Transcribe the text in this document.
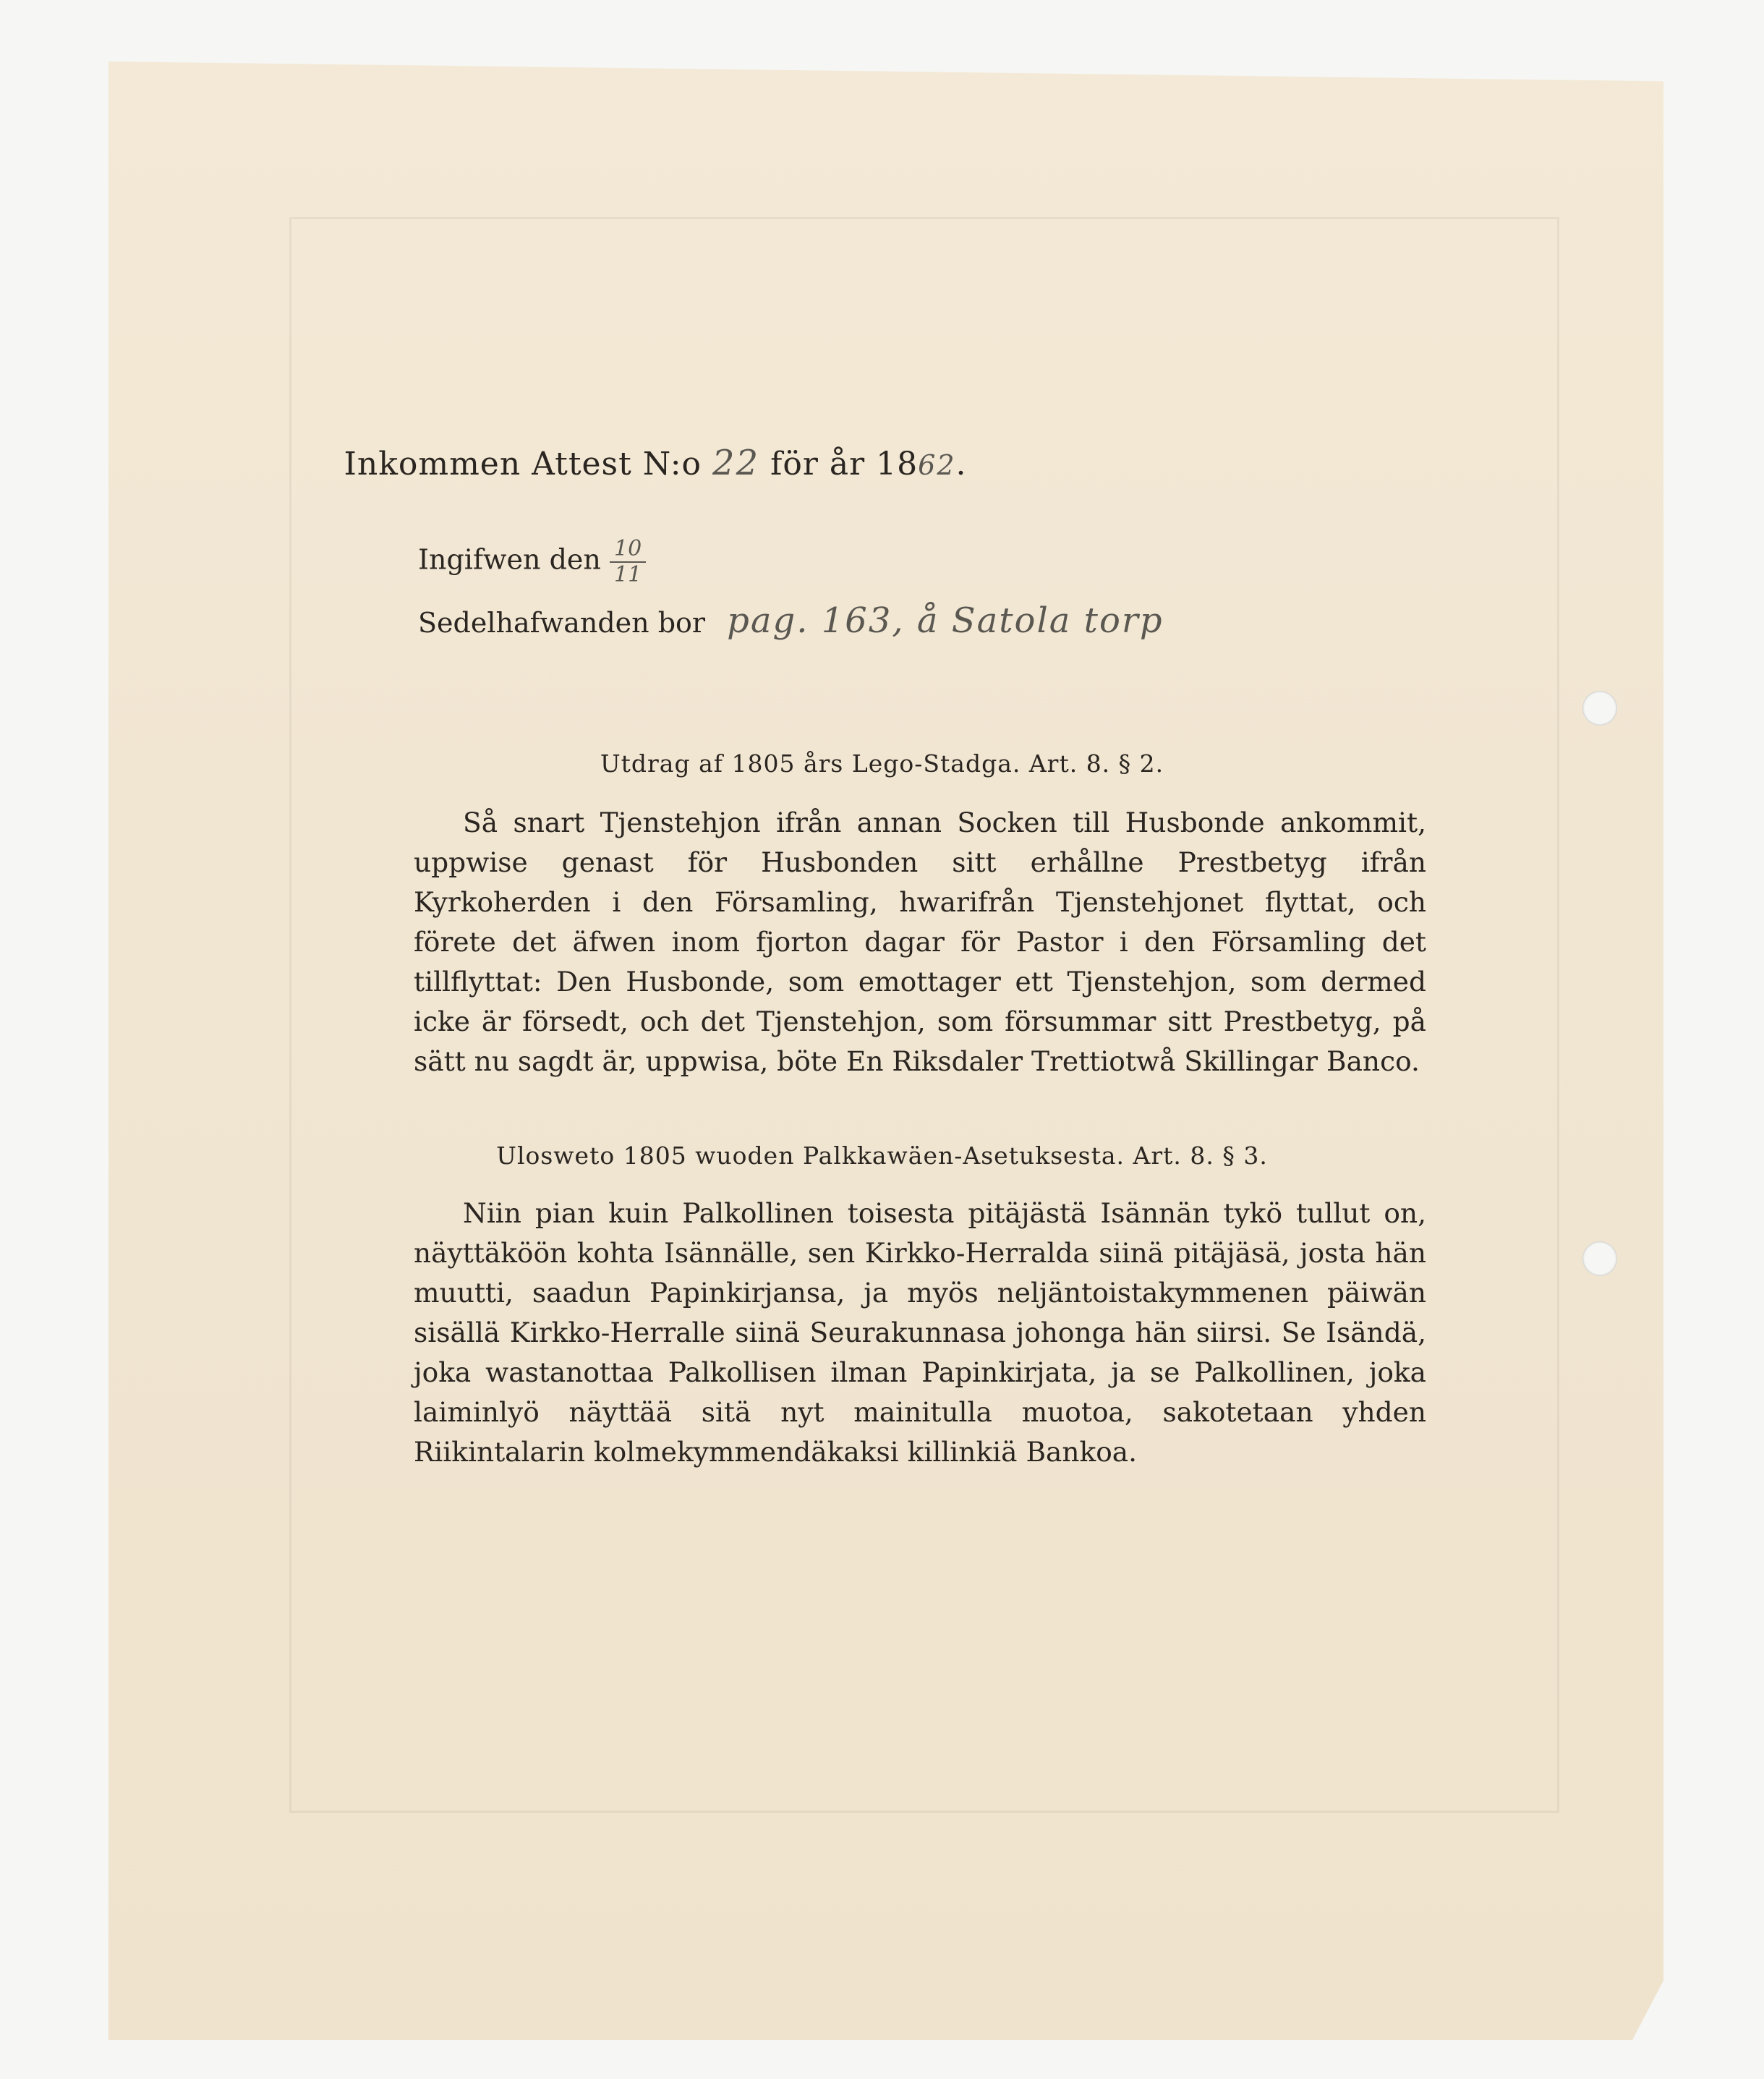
Inkommen Attest N:o 22 för år 1862.
Ingifwen den $\frac{10}{11}$
Sedelhafwanden bor pag. 163, å Satola torp
Utdrag af 1805 års Lego-Stadga. Art. 8. § 2.
Så snart Tjenstehjon ifrån annan Socken till Husbonde ankommit, uppwise genast för Husbonden sitt erhållne Prestbetyg ifrån Kyrkoherden i den Församling, hwarifrån Tjenstehjonet flyttat, och förete det äfwen inom fjorton dagar för Pastor i den Församling det tillflyttat: Den Husbonde, som emottager ett Tjenstehjon, som dermed icke är försedt, och det Tjenstehjon, som försummar sitt Prestbetyg, på sätt nu sagdt är, uppwisa, böte En Riksdaler Trettiotwå Skillingar Banco.
Ulosweto 1805 wuoden Palkkawäen-Asetuksesta. Art. 8. § 3.
Niin pian kuin Palkollinen toisesta pitäjästä Isännän tykö tullut on, näyttäköön kohta Isännälle, sen Kirkko-Herralda siinä pitäjäsä, josta hän muutti, saadun Papinkirjansa, ja myös neljäntoistakymmenen päiwän sisällä Kirkko-Herralle siinä Seurakunnasa johonga hän siirsi. Se Isändä, joka wastanottaa Palkollisen ilman Papinkirjata, ja se Palkollinen, joka laiminlyö näyttää sitä nyt mainitulla muotoa, sakotetaan yhden Riikintalarin kolmekymmendäkaksi killinkiä Bankoa.
